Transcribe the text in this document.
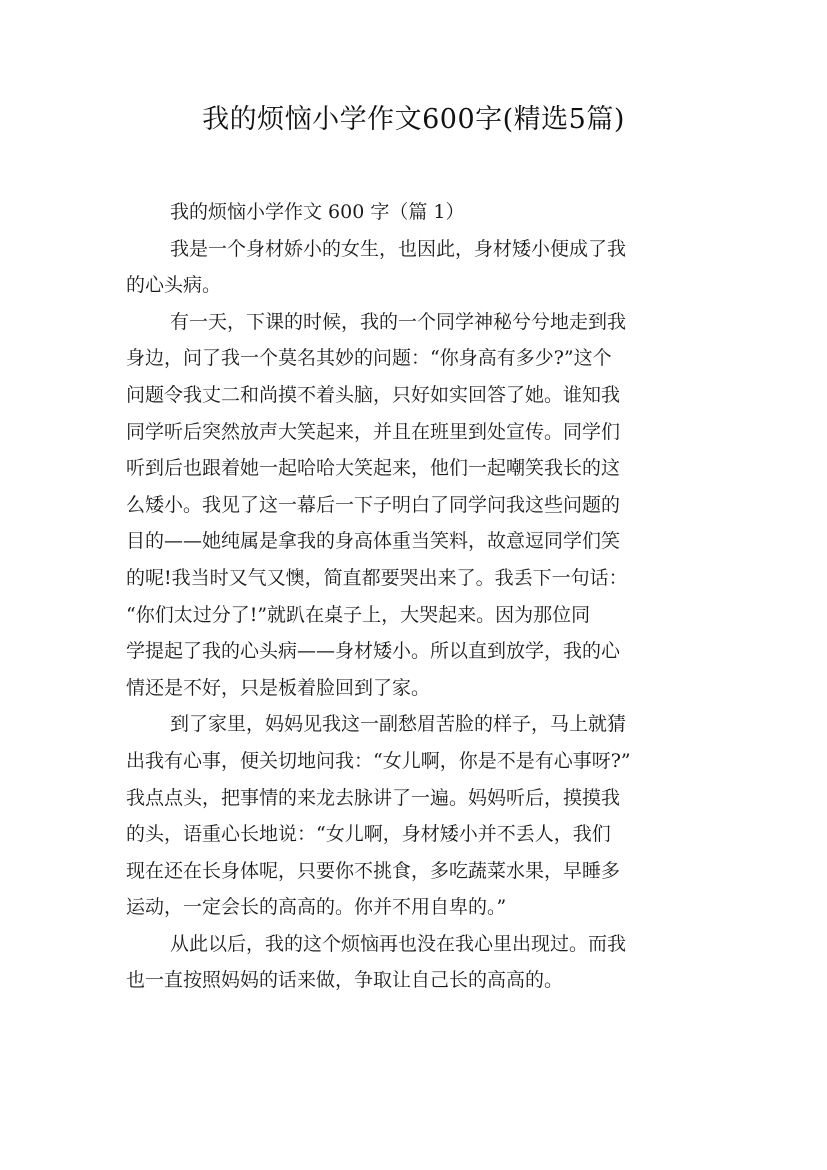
我的烦恼小学作文600字(精选5篇)
我的烦恼小学作文 600 字（篇 1）
我是一个身材娇小的女生，也因此，身材矮小便成了我
的心头病。
有一天，下课的时候，我的一个同学神秘兮兮地走到我
身边，问了我一个莫名其妙的问题：“你身高有多少?”这个
问题令我丈二和尚摸不着头脑，只好如实回答了她。谁知我
同学听后突然放声大笑起来，并且在班里到处宣传。同学们
听到后也跟着她一起哈哈大笑起来，他们一起嘲笑我长的这
么矮小。我见了这一幕后一下子明白了同学问我这些问题的
目的——她纯属是拿我的身高体重当笑料，故意逗同学们笑
的呢!我当时又气又懊，简直都要哭出来了。我丢下一句话：
“你们太过分了!”就趴在桌子上，大哭起来。因为那位同
学提起了我的心头病——身材矮小。所以直到放学，我的心
情还是不好，只是板着脸回到了家。
到了家里，妈妈见我这一副愁眉苦脸的样子，马上就猜
出我有心事，便关切地问我：“女儿啊，你是不是有心事呀?”
我点点头，把事情的来龙去脉讲了一遍。妈妈听后，摸摸我
的头，语重心长地说：“女儿啊，身材矮小并不丢人，我们
现在还在长身体呢，只要你不挑食，多吃蔬菜水果，早睡多
运动，一定会长的高高的。你并不用自卑的。”
从此以后，我的这个烦恼再也没在我心里出现过。而我
也一直按照妈妈的话来做，争取让自己长的高高的。
